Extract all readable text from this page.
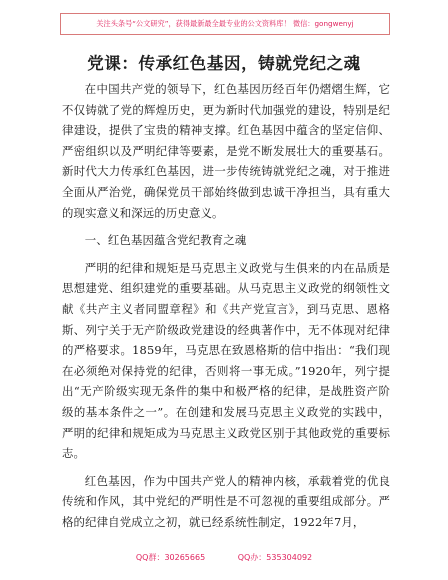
关注头条号“公文研究”，获得最新最全最专业的公文资料库！ 微信：gongwenyj
党课：传承红色基因，铸就党纪之魂

在中国共产党的领导下，红色基因历经百年仍熠熠生辉，它不仅铸就了党的辉煌历史，更为新时代加强党的建设，特别是纪律建设，提供了宝贵的精神支撑。红色基因中蕴含的坚定信仰、严密组织以及严明纪律等要素，是党不断发展壮大的重要基石。新时代大力传承红色基因，进一步传统铸就党纪之魂，对于推进全面从严治党，确保党员干部始终做到忠诚干净担当，具有重大的现实意义和深远的历史意义。

一、红色基因蕴含党纪教育之魂

严明的纪律和规矩是马克思主义政党与生俱来的内在品质是思想建党、组织建党的重要基础。从马克思主义政党的纲领性文献《共产主义者同盟章程》和《共产党宣言》，到马克思、恩格斯、列宁关于无产阶级政党建设的经典著作中，无不体现对纪律的严格要求。1859年，马克思在致恩格斯的信中指出：“我们现在必须绝对保持党的纪律，否则将一事无成。”1920年，列宁提出“无产阶级实现无条件的集中和极严格的纪律，是战胜资产阶级的基本条件之一”。在创建和发展马克思主义政党的实践中，严明的纪律和规矩成为马克思主义政党区别于其他政党的重要标志。

红色基因，作为中国共产党人的精神内核，承载着党的优良传统和作风，其中党纪的严明性是不可忽视的重要组成部分。严格的纪律自党成立之初，就已经系统性制定，1922年7月，

QQ群：30265665	QQ办：535304092
